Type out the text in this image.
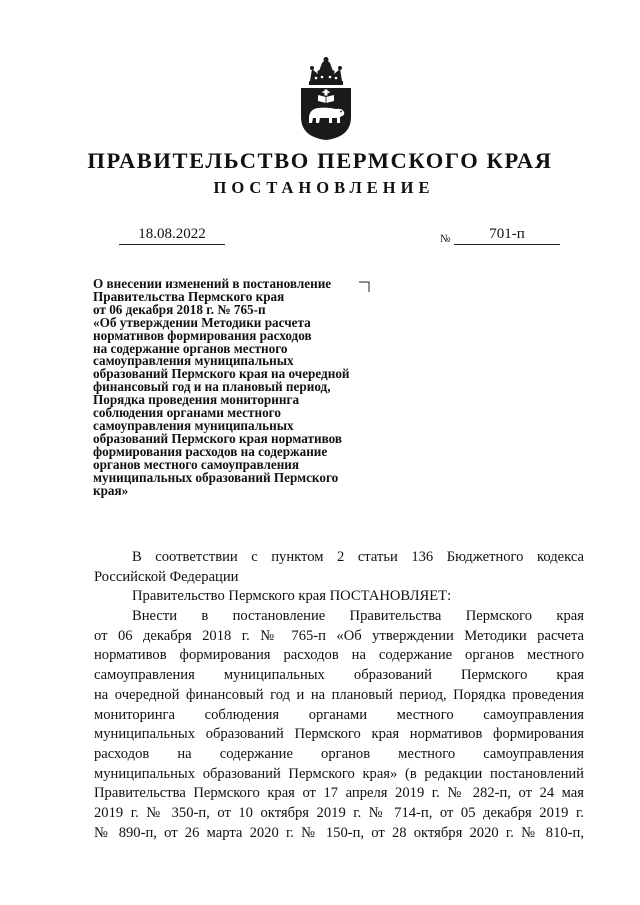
ПРАВИТЕЛЬСТВО ПЕРМСКОГО КРАЯ
ПОСТАНОВЛЕНИЕ
18.08.2022	№	701-п
О внесении изменений в постановление
Правительства Пермского края
от 06 декабря 2018 г. № 765-п
«Об утверждении Методики расчета
нормативов формирования расходов
на содержание органов местного
самоуправления муниципальных
образований Пермского края на очередной
финансовый год и на плановый период,
Порядка проведения мониторинга
соблюдения органами местного
самоуправления муниципальных
образований Пермского края нормативов
формирования расходов на содержание
органов местного самоуправления
муниципальных образований Пермского
края»
В соответствии с пунктом 2 статьи 136 Бюджетного кодекса
Российской Федерации
Правительство Пермского края ПОСТАНОВЛЯЕТ:
Внести в постановление Правительства Пермского края
от 06 декабря 2018 г. № 765-п «Об утверждении Методики расчета
нормативов формирования расходов на содержание органов местного
самоуправления муниципальных образований Пермского края
на очередной финансовый год и на плановый период, Порядка проведения
мониторинга соблюдения органами местного самоуправления
муниципальных образований Пермского края нормативов формирования
расходов на содержание органов местного самоуправления
муниципальных образований Пермского края» (в редакции постановлений
Правительства Пермского края от 17 апреля 2019 г. № 282-п, от 24 мая
2019 г. № 350-п, от 10 октября 2019 г. № 714-п, от 05 декабря 2019 г.
№ 890-п, от 26 марта 2020 г. № 150-п, от 28 октября 2020 г. № 810-п,
